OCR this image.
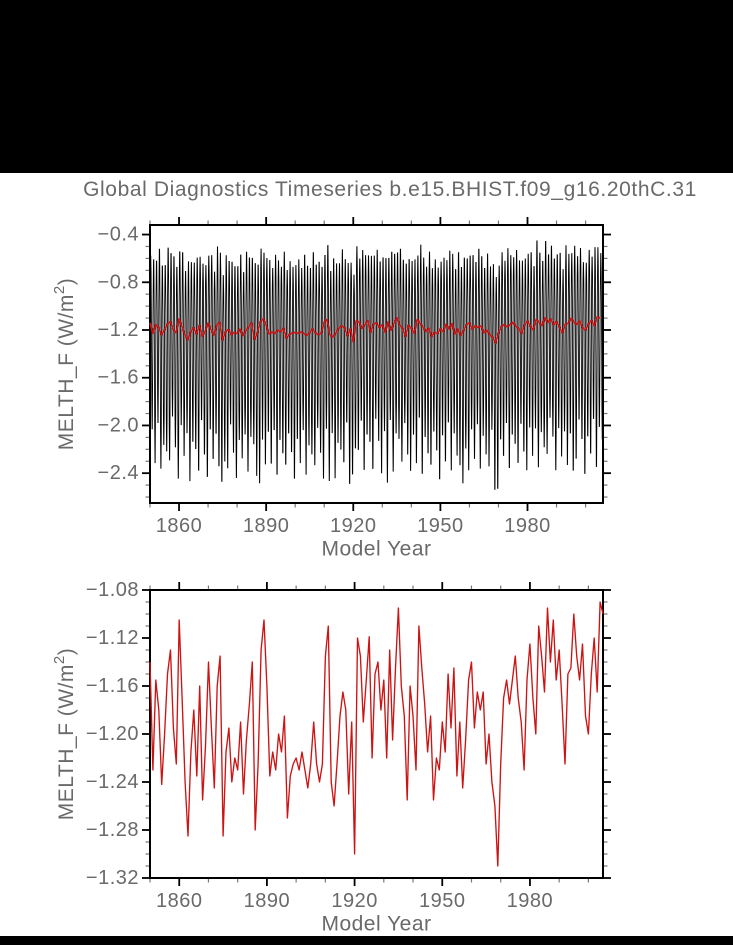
Global Diagnostics Timeseries b.e15.BHIST.f09_g16.20thC.31
1860 1890 1920 1950 1980
−0.4
−0.8
−1.2
−1.6
−2.0
−2.4
Model Year
MELTH_F $(W/m^2)$
1860 1890 1920 1950 1980
−1.08
−1.12
−1.16
−1.20
−1.24
−1.28
−1.32
Model Year
MELTH_F $(W/m^2)$
